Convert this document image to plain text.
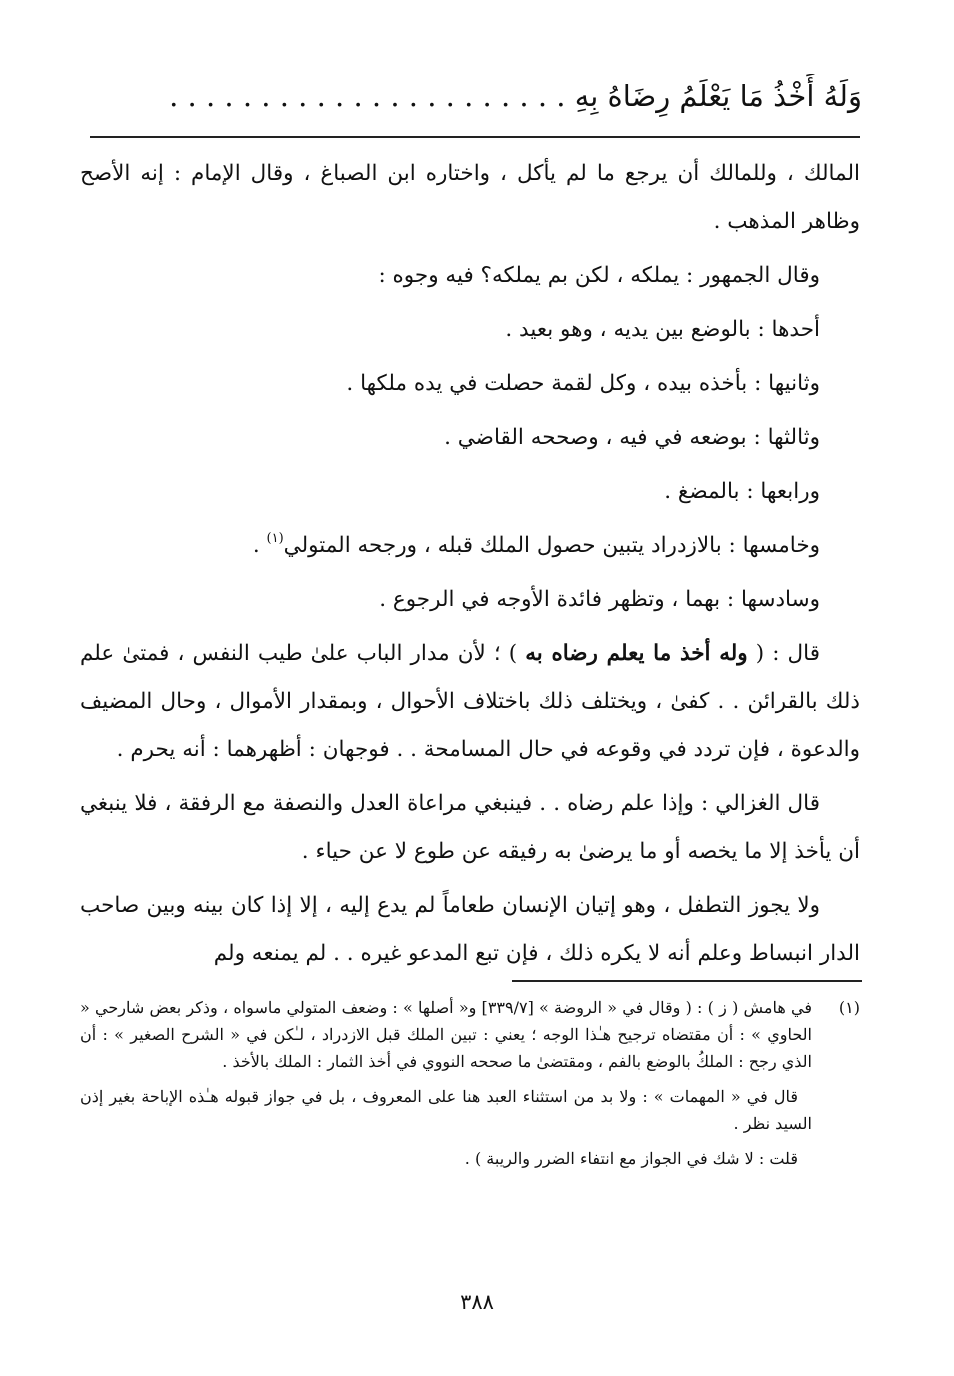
وَلَهُ أَخْذُ مَا يَعْلَمُ رِضَاهُ بِهِ . . . . . . . . . . . . . . . . . . . . . .

المالك ، وللمالك أن يرجع ما لم يأكل ، واختاره ابن الصباغ ، وقال الإمام : إنه الأصح وظاهر المذهب .

وقال الجمهور : يملكه ، لكن بم يملكه؟ فيه وجوه :

أحدها : بالوضع بين يديه ، وهو بعيد .

وثانيها : بأخذه بيده ، وكل لقمة حصلت في يده ملكها .

وثالثها : بوضعه في فيه ، وصححه القاضي .

ورابعها : بالمضغ .

وخامسها : بالازدراد يتبين حصول الملك قبله ، ورجحه المتولي$^{(١)}$ .

وسادسها : بهما ، وتظهر فائدة الأوجه في الرجوع .

قال : ( وله أخذ ما يعلم رضاه به ) ؛ لأن مدار الباب علىٰ طيب النفس ، فمتىٰ علم ذلك بالقرائن . . كفىٰ ، ويختلف ذلك باختلاف الأحوال ، وبمقدار الأموال ، وحال المضيف والدعوة ، فإن تردد في وقوعه في حال المسامحة . . فوجهان : أظهرهما : أنه يحرم .

قال الغزالي : وإذا علم رضاه . . فينبغي مراعاة العدل والنصفة مع الرفقة ، فلا ينبغي أن يأخذ إلا ما يخصه أو ما يرضىٰ به رفيقه عن طوع لا عن حياء .

ولا يجوز التطفل ، وهو إتيان الإنسان طعاماً لم يدع إليه ، إلا إذا كان بينه وبين صاحب الدار انبساط وعلم أنه لا يكره ذلك ، فإن تبع المدعو غيره . . لم يمنعه ولم

(١)
في هامش ( ز ) : ( وقال في « الروضة » [٣٣٩/٧] و« أصلها » : وضعف المتولي ماسواه ، وذكر بعض شارحي « الحاوي » : أن مقتضاه ترجيح هـٰذا الوجه ؛ يعني : تبين الملك قبل الازدراد ، لـٰكن في « الشرح الصغير » : أن الذي رجح : الملكُ بالوضع بالفم ، ومقتضىٰ ما صححه النووي في أخذ الثمار : الملك بالأخذ .

قال في « المهمات » : ولا بد من استثناء العبد هنا على المعروف ، بل في جواز قبوله هـٰذه الإباحة بغير إذن السيد نظر .

قلت : لا شك في الجواز مع انتفاء الضرر والريبة ) .

٣٨٨
